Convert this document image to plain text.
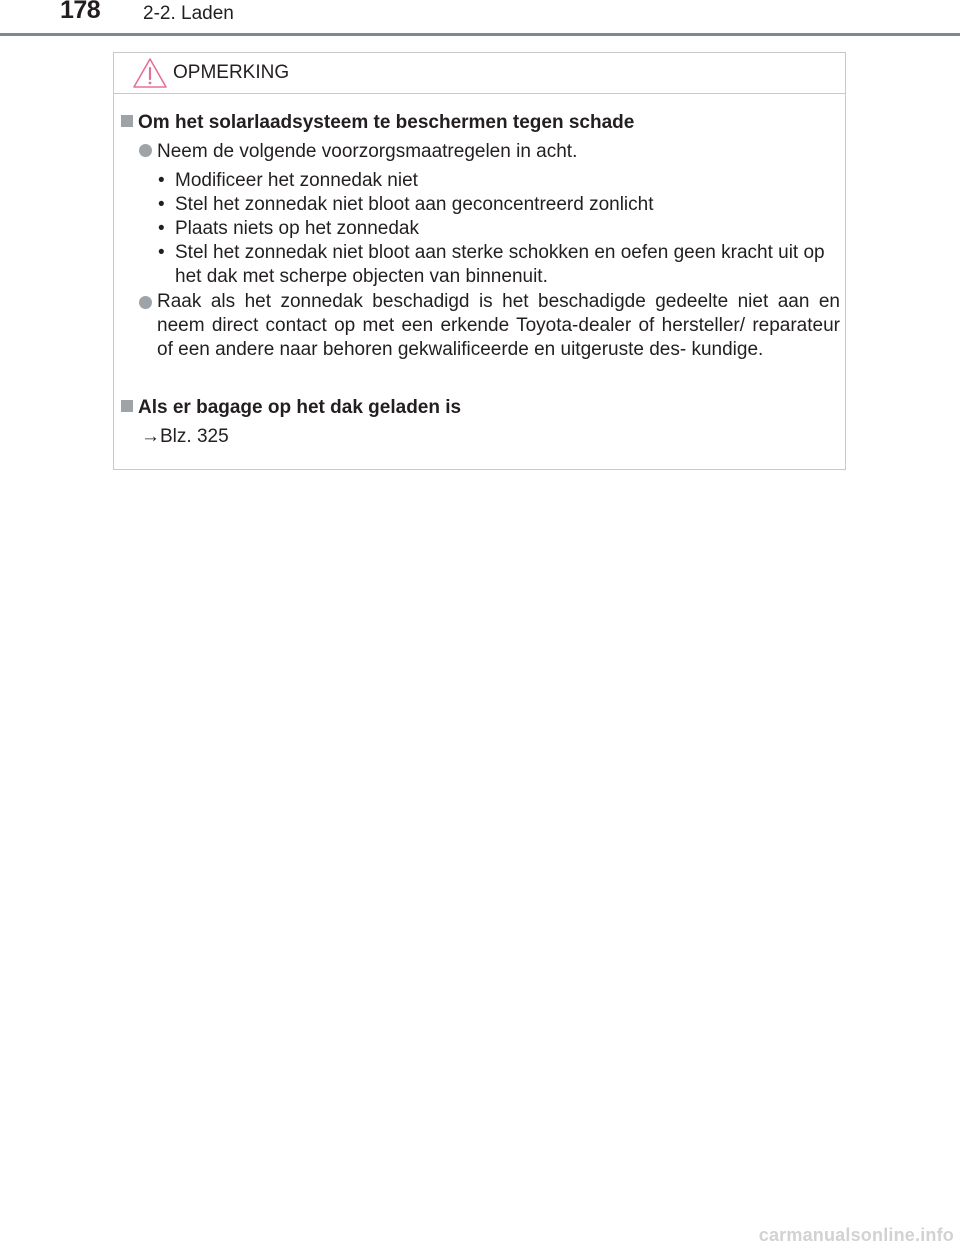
178 2-2. Laden
OPMERKING
Om het solarlaadsysteem te beschermen tegen schade
Neem de volgende voorzorgsmaatregelen in acht.
• Modificeer het zonnedak niet
• Stel het zonnedak niet bloot aan geconcentreerd zonlicht
• Plaats niets op het zonnedak
• Stel het zonnedak niet bloot aan sterke schokken en oefen geen kracht uit op het dak met scherpe objecten van binnenuit.
Raak als het zonnedak beschadigd is het beschadigde gedeelte niet aan en neem direct contact op met een erkende Toyota-dealer of hersteller/ reparateur of een andere naar behoren gekwalificeerde en uitgeruste des- kundige.
Als er bagage op het dak geladen is
→Blz. 325
carmanualsonline.info
